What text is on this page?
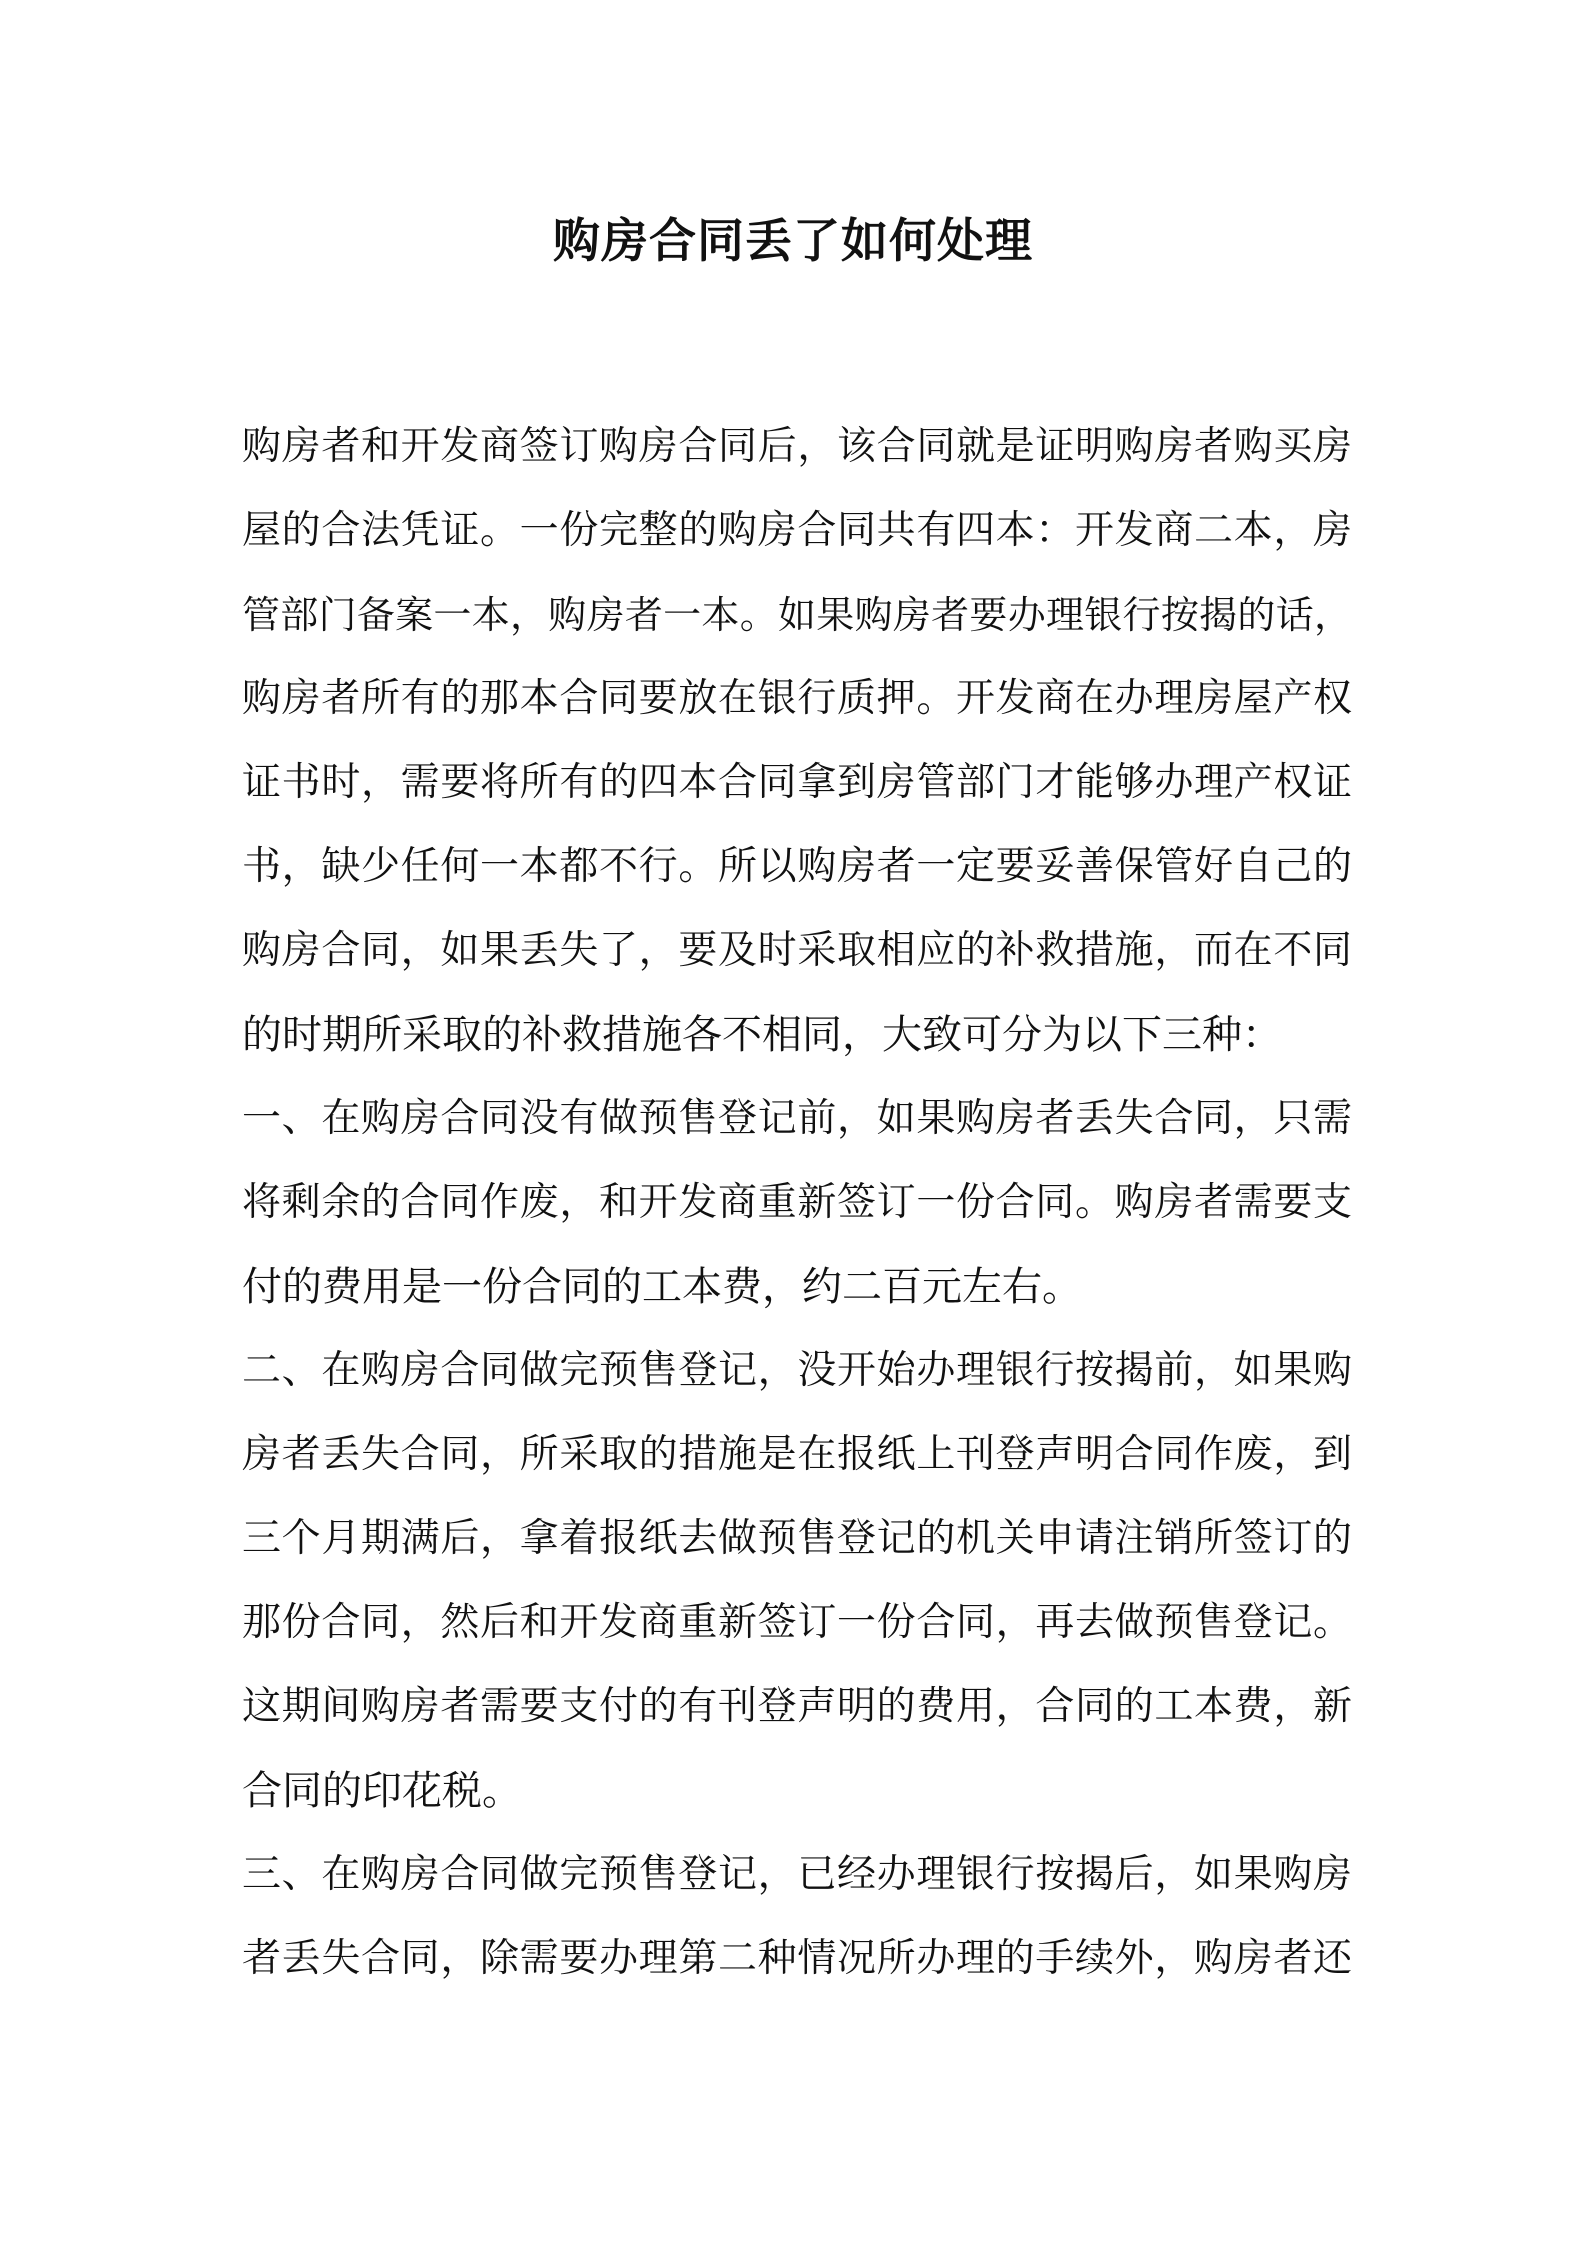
购房合同丢了如何处理
购房者和开发商签订购房合同后，该合同就是证明购房者购买房
屋的合法凭证。一份完整的购房合同共有四本：开发商二本，房
管部门备案一本，购房者一本。如果购房者要办理银行按揭的话，
购房者所有的那本合同要放在银行质押。开发商在办理房屋产权
证书时，需要将所有的四本合同拿到房管部门才能够办理产权证
书，缺少任何一本都不行。所以购房者一定要妥善保管好自己的
购房合同，如果丢失了，要及时采取相应的补救措施，而在不同
的时期所采取的补救措施各不相同，大致可分为以下三种：
一、在购房合同没有做预售登记前，如果购房者丢失合同，只需
将剩余的合同作废，和开发商重新签订一份合同。购房者需要支
付的费用是一份合同的工本费，约二百元左右。
二、在购房合同做完预售登记，没开始办理银行按揭前，如果购
房者丢失合同，所采取的措施是在报纸上刊登声明合同作废，到
三个月期满后，拿着报纸去做预售登记的机关申请注销所签订的
那份合同，然后和开发商重新签订一份合同，再去做预售登记。
这期间购房者需要支付的有刊登声明的费用，合同的工本费，新
合同的印花税。
三、在购房合同做完预售登记，已经办理银行按揭后，如果购房
者丢失合同，除需要办理第二种情况所办理的手续外，购房者还
